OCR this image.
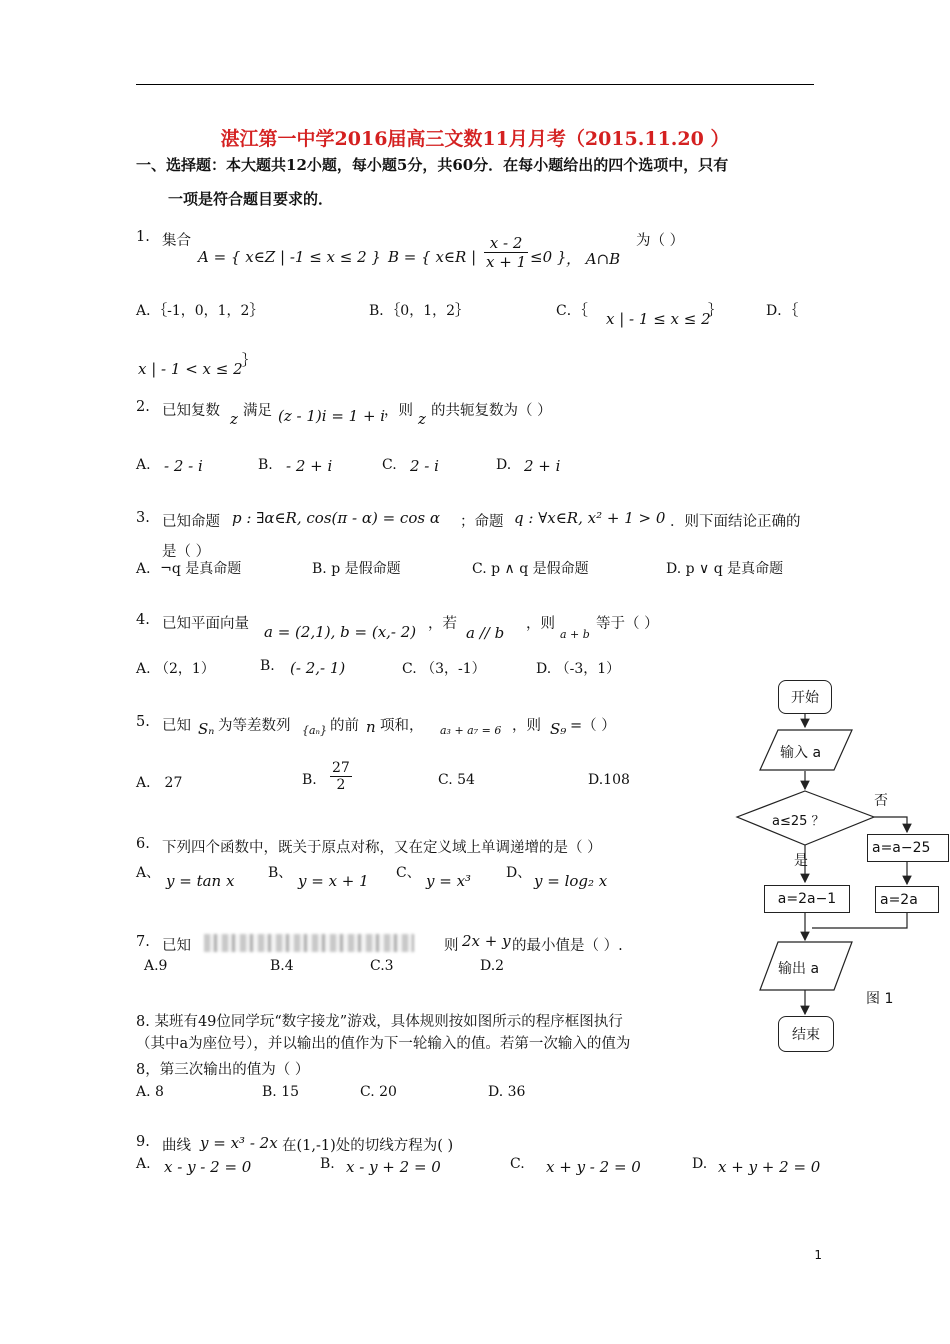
湛江第一中学2016届高三文数11月月考（2015.11.20 ）
一、选择题：本大题共12小题，每小题5分，共60分．在每小题给出的四个选项中，只有
一项是符合题目要求的．
1. 集合
A = { x∈Z | -1 ≤ x ≤ 2 } B = { x∈R | $\frac{x - 2}{x + 1} \le 0$ } ， A∩B
为（ ）
A．｛-1，0，1，2｝	B．｛0，1，2｝	C．｛ x | - 1 ≤ x ≤ 2
｝	D．｛
x | - 1 < x ≤ 2 ｝
2. 已知复数 z 满足 (z - 1)i = 1 + i
，则 z 的共轭复数为（ ）
A. - 2 - i	B. - 2 + i	C. 2 - i	D. 2 + i
3. 已知命题 p : ∃α∈R, cos(π - α) = cos α ；命题 q : ∀x∈R, x² + 1 > 0 ．则下面结论正确的
是（ ）
A．¬q 是真命题	B. p 是假命题	C. p ∧ q 是假命题	D. p ∨ q 是真命题
4. 已知平面向量 a = (2,1), b = (x,- 2) ，若 a // b ，则
a + b
等于（ ）
A. （2，1）	B. (- 2,- 1)	C. （3，-1）	D. （-3，1）
5. 已知 Sₙ 为等差数列 {aₙ} 的前 n 项和， a₃ + a₇ = 6 ，则 S₉ =（ ）
A． 27	B. $\frac{27}{2}$	C. 54	D.108
6. 下列四个函数中，既关于原点对称，又在定义域上单调递增的是（ ）
A、 y = tan x B、 y = x + 1 C、 y = x³ D、 y = log₂ x
7. 已知	则 2x + y 的最小值是（ ）.
A.9	B.4	C.3	D.2
8. 某班有49位同学玩“数字接龙”游戏，具体规则按如图所示的程序框图执行
（其中a为座位号），并以输出的值作为下一轮输入的值。若第一次输入的值为
8，第三次输出的值为（ ）
A. 8	B. 15	C. 20	D. 36
9. 曲线 y = x³ - 2x 在(1,-1)处的切线方程为( )
A. x - y - 2 = 0	B. x - y + 2 = 0	C. x + y - 2 = 0	D. x + y + 2 = 0
开始
输入 a
a≤25 ？
否
是
a=a−25
a=2a−1	a=2a
输出 a
结束
图 1
1
